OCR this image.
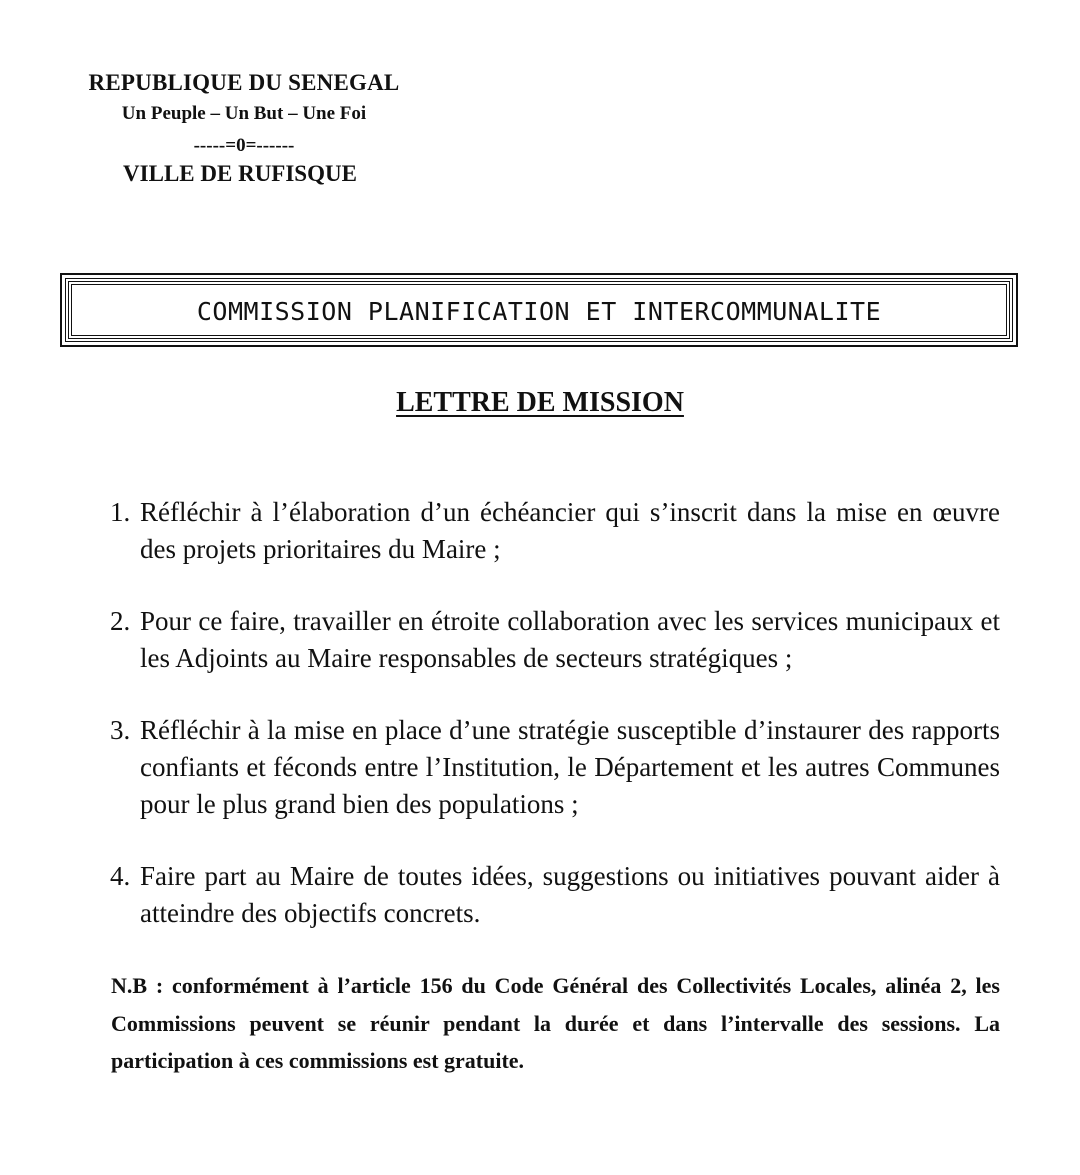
REPUBLIQUE DU SENEGAL
Un Peuple – Un But – Une Foi
-----=0=------
VILLE DE RUFISQUE
COMMISSION PLANIFICATION ET INTERCOMMUNALITE
LETTRE DE MISSION
1. Réfléchir à l’élaboration d’un échéancier qui s’inscrit dans la mise en œuvre des projets prioritaires du Maire ;
2. Pour ce faire, travailler en étroite collaboration avec les services municipaux et les Adjoints au Maire responsables de secteurs stratégiques ;
3. Réfléchir à la mise en place d’une stratégie susceptible d’instaurer des rapports confiants et féconds entre l’Institution, le Département et les autres Communes pour le plus grand bien des populations ;
4. Faire part au Maire de toutes idées, suggestions ou initiatives pouvant aider à atteindre des objectifs concrets.
N.B : conformément à l’article 156 du Code Général des Collectivités Locales, alinéa 2, les Commissions peuvent se réunir pendant la durée et dans l’intervalle des sessions. La participation à ces commissions est gratuite.
